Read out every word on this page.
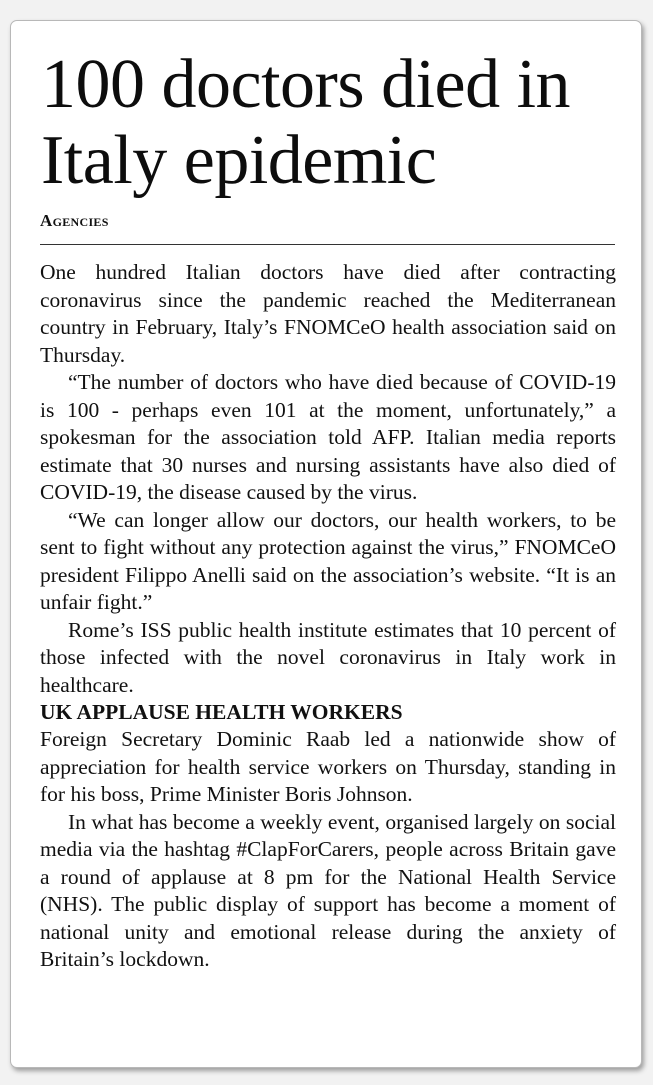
100 doctors died in Italy epidemic
Agencies

One hundred Italian doctors have died after contracting coronavirus since the pandemic reached the Mediterranean country in February, Italy’s FNOMCeO health association said on Thursday.

“The number of doctors who have died because of COVID-19 is 100 - perhaps even 101 at the moment, unfortunately,” a spokesman for the association told AFP. Italian media reports estimate that 30 nurses and nursing assistants have also died of COVID-19, the disease caused by the virus.

“We can longer allow our doctors, our health workers, to be sent to fight without any protection against the virus,” FNOMCeO president Filippo Anelli said on the association’s website. “It is an unfair fight.”

Rome’s ISS public health institute estimates that 10 percent of those infected with the novel coronavirus in Italy work in healthcare.

UK APPLAUSE HEALTH WORKERS

Foreign Secretary Dominic Raab led a nationwide show of appreciation for health service workers on Thursday, standing in for his boss, Prime Minister Boris Johnson.

In what has become a weekly event, organised largely on social media via the hashtag #ClapForCarers, people across Britain gave a round of applause at 8 pm for the National Health Service (NHS). The public display of support has become a moment of national unity and emotional release during the anxiety of Britain’s lockdown.
